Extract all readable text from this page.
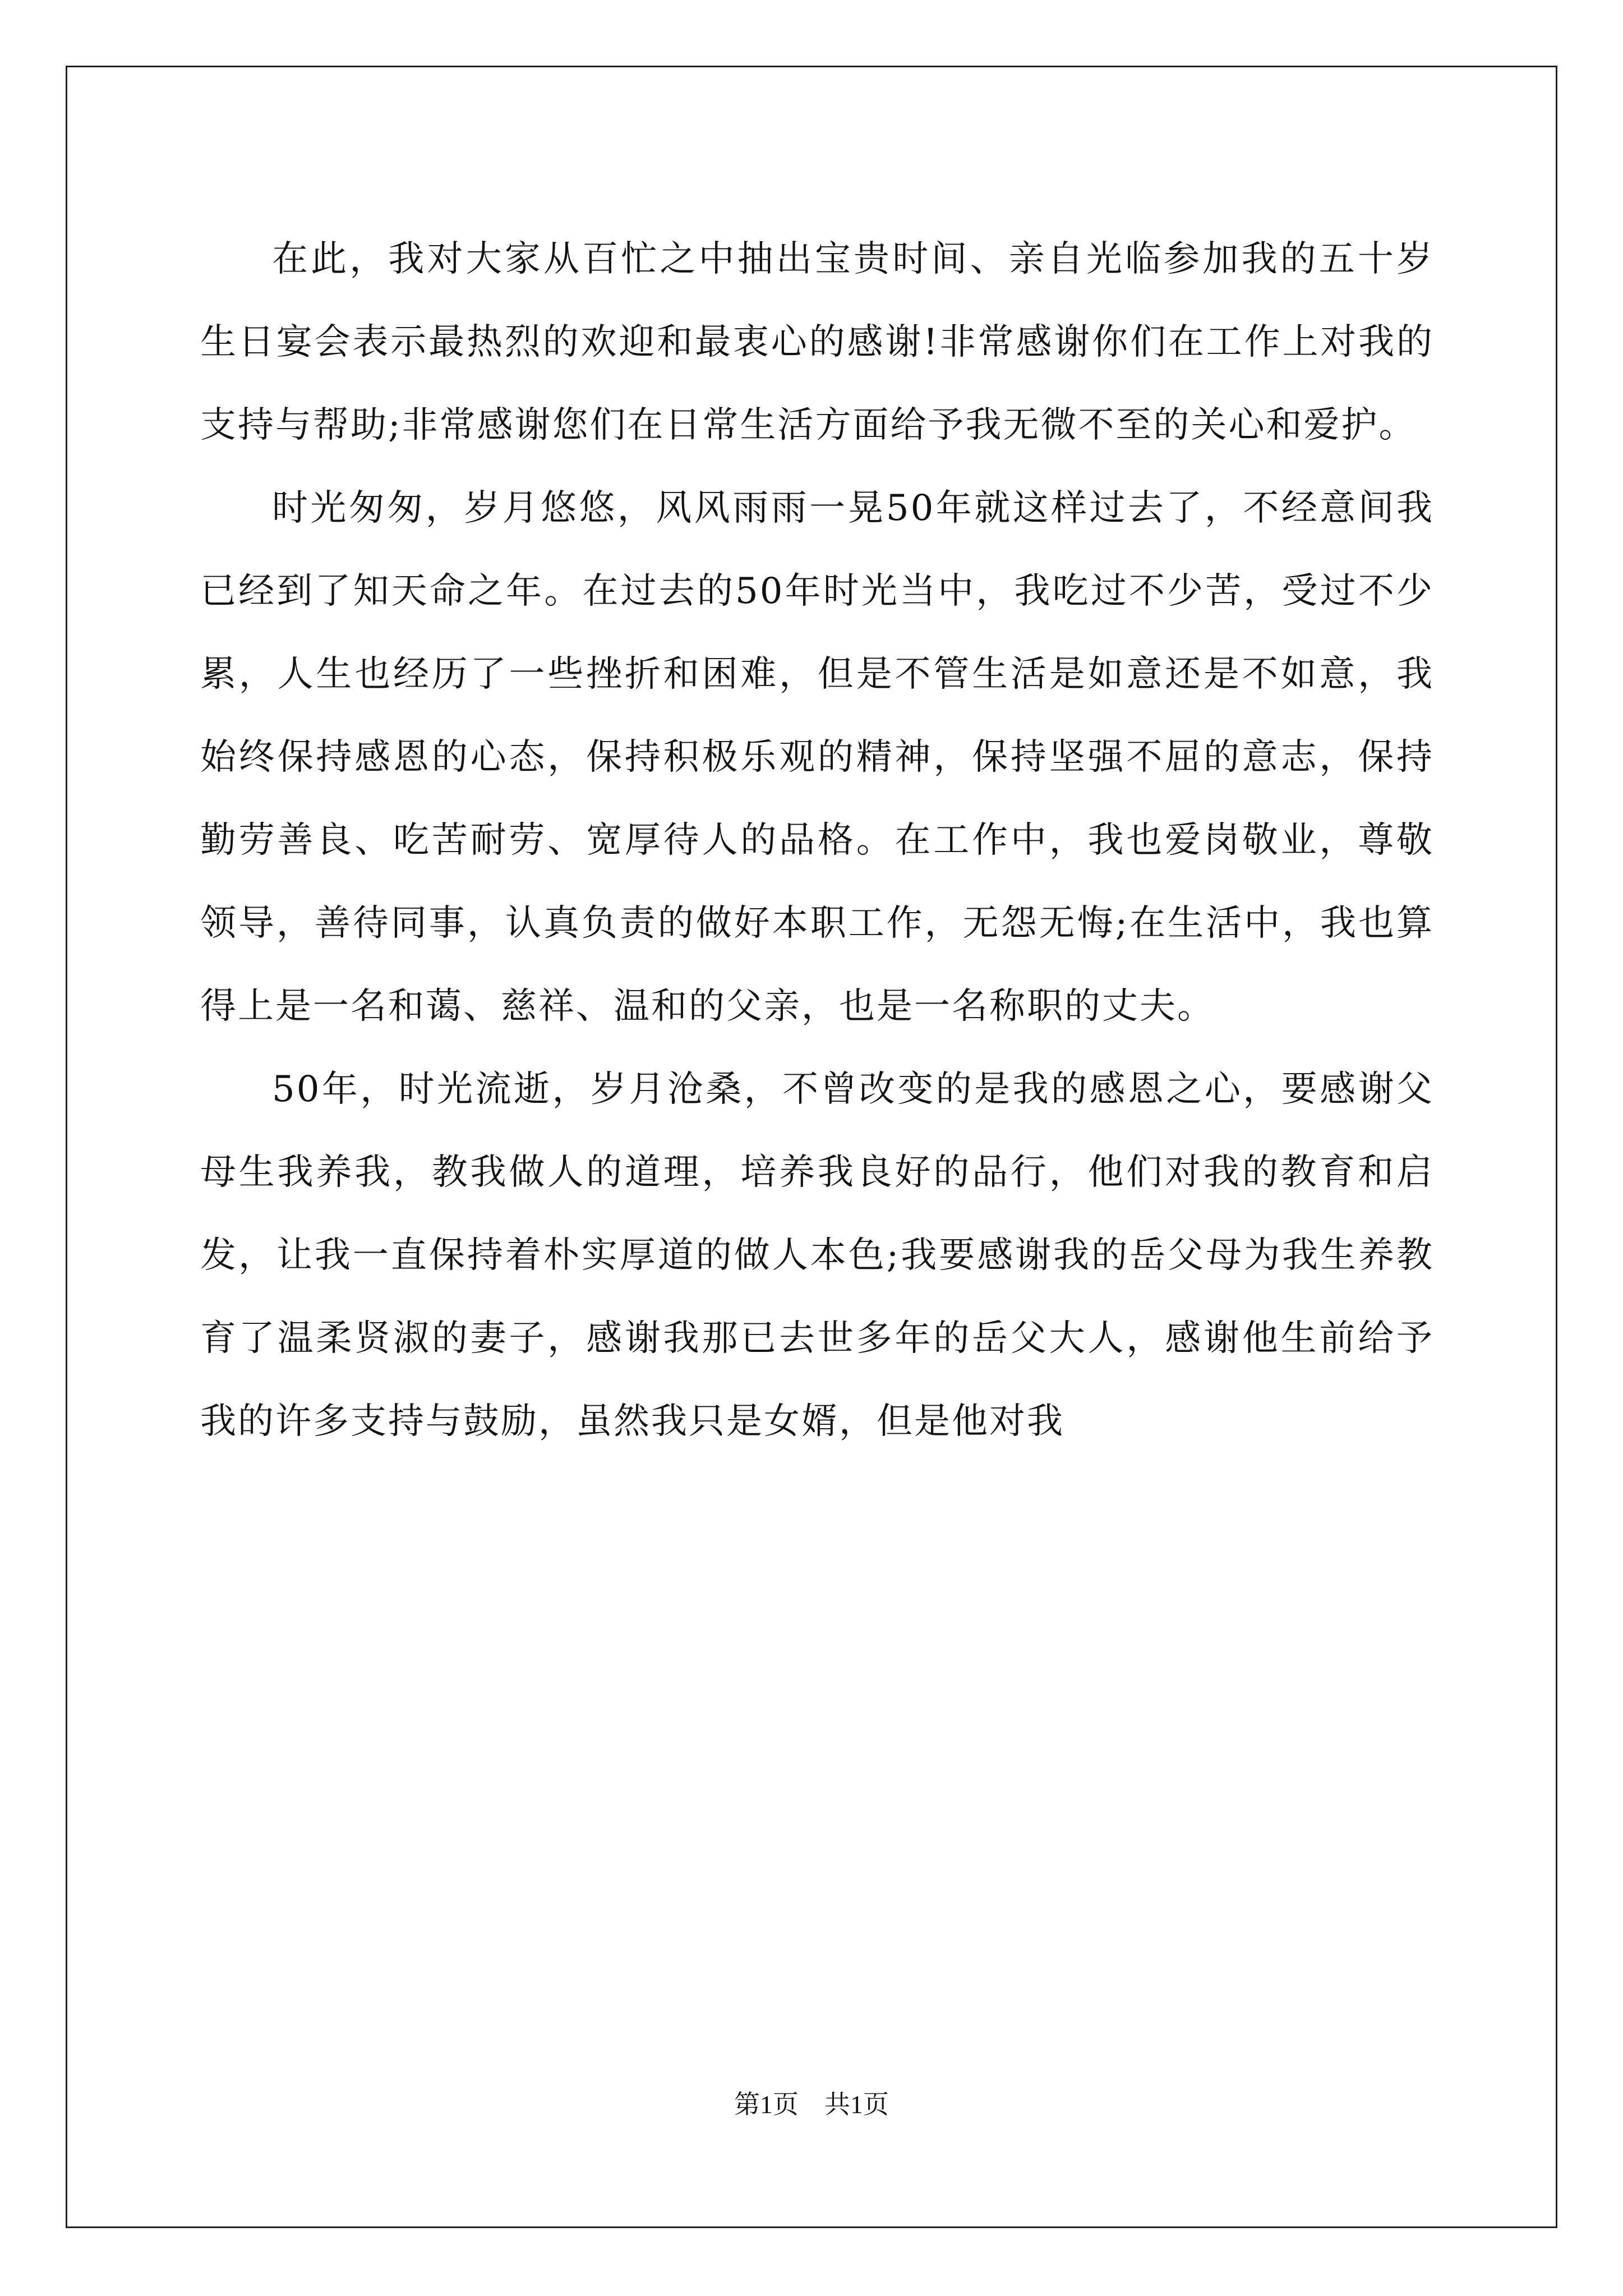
在此，我对大家从百忙之中抽出宝贵时间、亲自光临参加我的五十岁生日宴会表示最热烈的欢迎和最衷心的感谢!非常感谢你们在工作上对我的支持与帮助;非常感谢您们在日常生活方面给予我无微不至的关心和爱护。

时光匆匆，岁月悠悠，风风雨雨一晃50年就这样过去了，不经意间我已经到了知天命之年。在过去的50年时光当中，我吃过不少苦，受过不少累，人生也经历了一些挫折和困难，但是不管生活是如意还是不如意，我始终保持感恩的心态，保持积极乐观的精神，保持坚强不屈的意志，保持勤劳善良、吃苦耐劳、宽厚待人的品格。在工作中，我也爱岗敬业，尊敬领导，善待同事，认真负责的做好本职工作，无怨无悔;在生活中，我也算得上是一名和蔼、慈祥、温和的父亲，也是一名称职的丈夫。

50年，时光流逝，岁月沧桑，不曾改变的是我的感恩之心，要感谢父母生我养我，教我做人的道理，培养我良好的品行，他们对我的教育和启发，让我一直保持着朴实厚道的做人本色;我要感谢我的岳父母为我生养教育了温柔贤淑的妻子，感谢我那已去世多年的岳父大人，感谢他生前给予我的许多支持与鼓励，虽然我只是女婿，但是他对我

第1页 共1页
